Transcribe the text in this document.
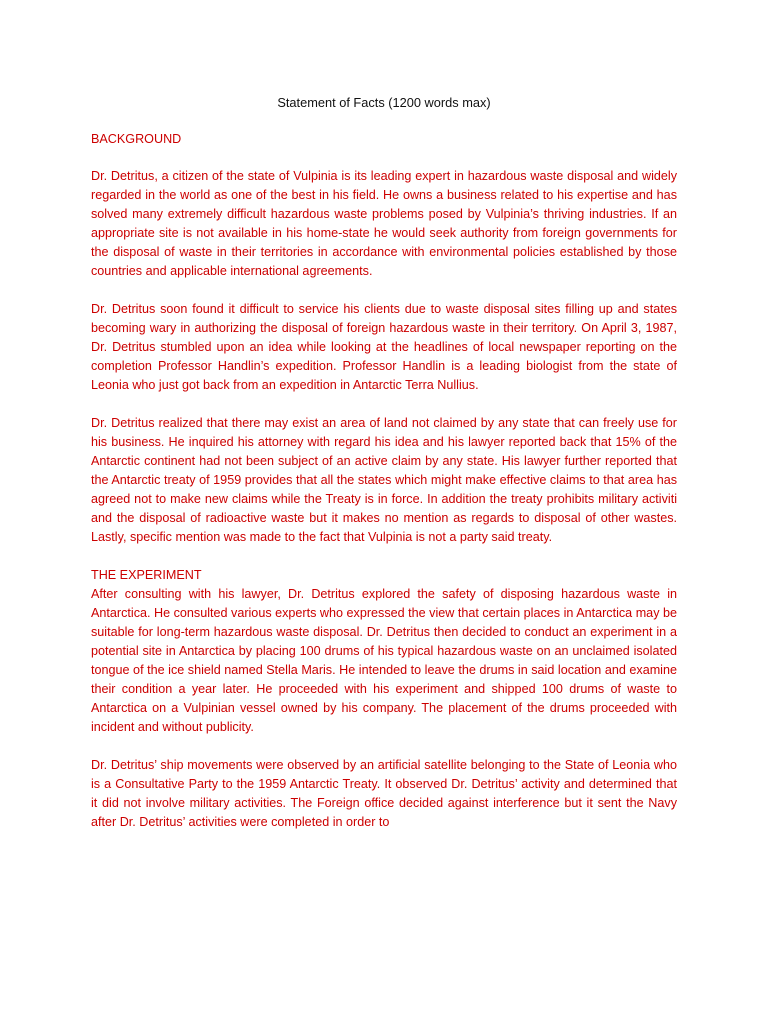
Statement of Facts (1200 words max)
BACKGROUND

Dr. Detritus, a citizen of the state of Vulpinia is its leading expert in hazardous waste disposal and widely regarded in the world as one of the best in his field. He owns a business related to his expertise and has solved many extremely difficult hazardous waste problems posed by Vulpinia’s thriving industries. If an appropriate site is not available in his home-state he would seek authority from foreign governments for the disposal of waste in their territories in accordance with environmental policies established by those countries and applicable international agreements.

Dr. Detritus soon found it difficult to service his clients due to waste disposal sites filling up and states becoming wary in authorizing the disposal of foreign hazardous waste in their territory. On April 3, 1987, Dr. Detritus stumbled upon an idea while looking at the headlines of local newspaper reporting on the completion Professor Handlin’s expedition. Professor Handlin is a leading biologist from the state of Leonia who just got back from an expedition in Antarctic Terra Nullius.

Dr. Detritus realized that there may exist an area of land not claimed by any state that can freely use for his business. He inquired his attorney with regard his idea and his lawyer reported back that 15% of the Antarctic continent had not been subject of an active claim by any state. His lawyer further reported that the Antarctic treaty of 1959 provides that all the states which might make effective claims to that area has agreed not to make new claims while the Treaty is in force. In addition the treaty prohibits military activiti and the disposal of radioactive waste but it makes no mention as regards to disposal of other wastes. Lastly, specific mention was made to the fact that Vulpinia is not a party said treaty.

THE EXPERIMENT

After consulting with his lawyer, Dr. Detritus explored the safety of disposing hazardous waste in Antarctica. He consulted various experts who expressed the view that certain places in Antarctica may be suitable for long-term hazardous waste disposal. Dr. Detritus then decided to conduct an experiment in a potential site in Antarctica by placing 100 drums of his typical hazardous waste on an unclaimed isolated tongue of the ice shield named Stella Maris. He intended to leave the drums in said location and examine their condition a year later. He proceeded with his experiment and shipped 100 drums of waste to Antarctica on a Vulpinian vessel owned by his company. The placement of the drums proceeded with incident and without publicity.

Dr. Detritus’ ship movements were observed by an artificial satellite belonging to the State of Leonia who is a Consultative Party to the 1959 Antarctic Treaty. It observed Dr. Detritus’ activity and determined that it did not involve military activities. The Foreign office decided against interference but it sent the Navy after Dr. Detritus’ activities were completed in order to
